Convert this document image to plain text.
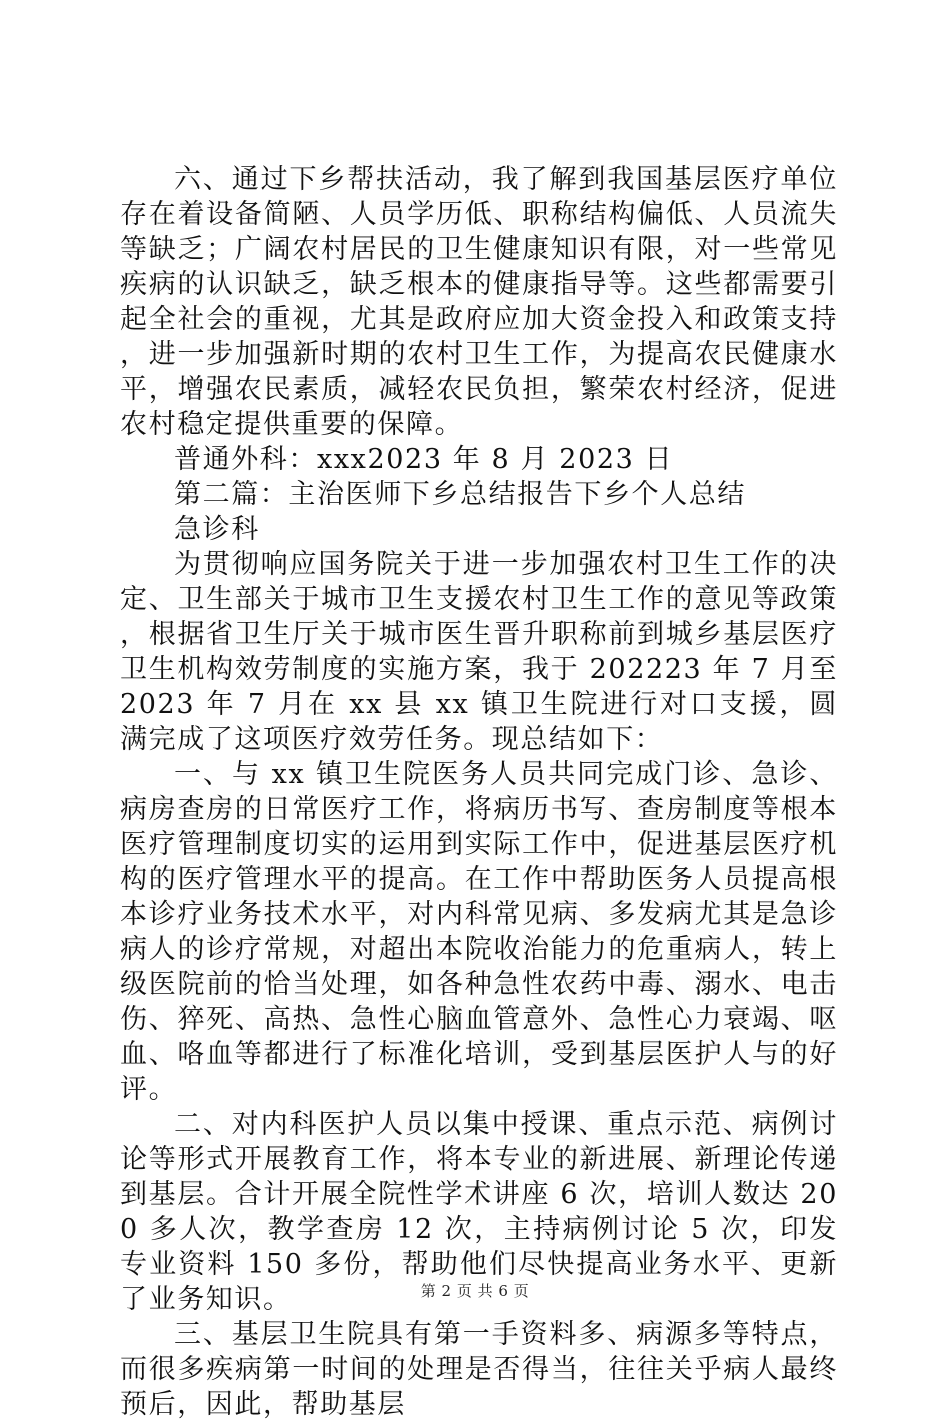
六、通过下乡帮扶活动，我了解到我国基层医疗单位存在着设备简陋、人员学历低、职称结构偏低、人员流失等缺乏；广阔农村居民的卫生健康知识有限，对一些常见疾病的认识缺乏，缺乏根本的健康指导等。这些都需要引起全社会的重视，尤其是政府应加大资金投入和政策支持，进一步加强新时期的农村卫生工作，为提高农民健康水平，增强农民素质，减轻农民负担，繁荣农村经济，促进农村稳定提供重要的保障。

普通外科：xxx2023 年 8 月 2023 日

第二篇：主治医师下乡总结报告下乡个人总结

急诊科

为贯彻响应国务院关于进一步加强农村卫生工作的决定、卫生部关于城市卫生支援农村卫生工作的意见等政策，根据省卫生厅关于城市医生晋升职称前到城乡基层医疗卫生机构效劳制度的实施方案，我于 202223 年 7 月至 2023 年 7 月在 xx 县 xx 镇卫生院进行对口支援，圆满完成了这项医疗效劳任务。现总结如下：

一、与 xx 镇卫生院医务人员共同完成门诊、急诊、病房查房的日常医疗工作，将病历书写、查房制度等根本医疗管理制度切实的运用到实际工作中，促进基层医疗机构的医疗管理水平的提高。在工作中帮助医务人员提高根本诊疗业务技术水平，对内科常见病、多发病尤其是急诊病人的诊疗常规，对超出本院收治能力的危重病人，转上级医院前的恰当处理，如各种急性农药中毒、溺水、电击伤、猝死、高热、急性心脑血管意外、急性心力衰竭、呕血、咯血等都进行了标准化培训，受到基层医护人与的好评。

二、对内科医护人员以集中授课、重点示范、病例讨论等形式开展教育工作，将本专业的新进展、新理论传递到基层。合计开展全院性学术讲座 6 次，培训人数达 200 多人次，教学查房 12 次，主持病例讨论 5 次，印发专业资料 150 多份，帮助他们尽快提高业务水平、更新了业务知识。

三、基层卫生院具有第一手资料多、病源多等特点，而很多疾病第一时间的处理是否得当，往往关乎病人最终预后，因此，帮助基层

第 2 页 共 6 页
